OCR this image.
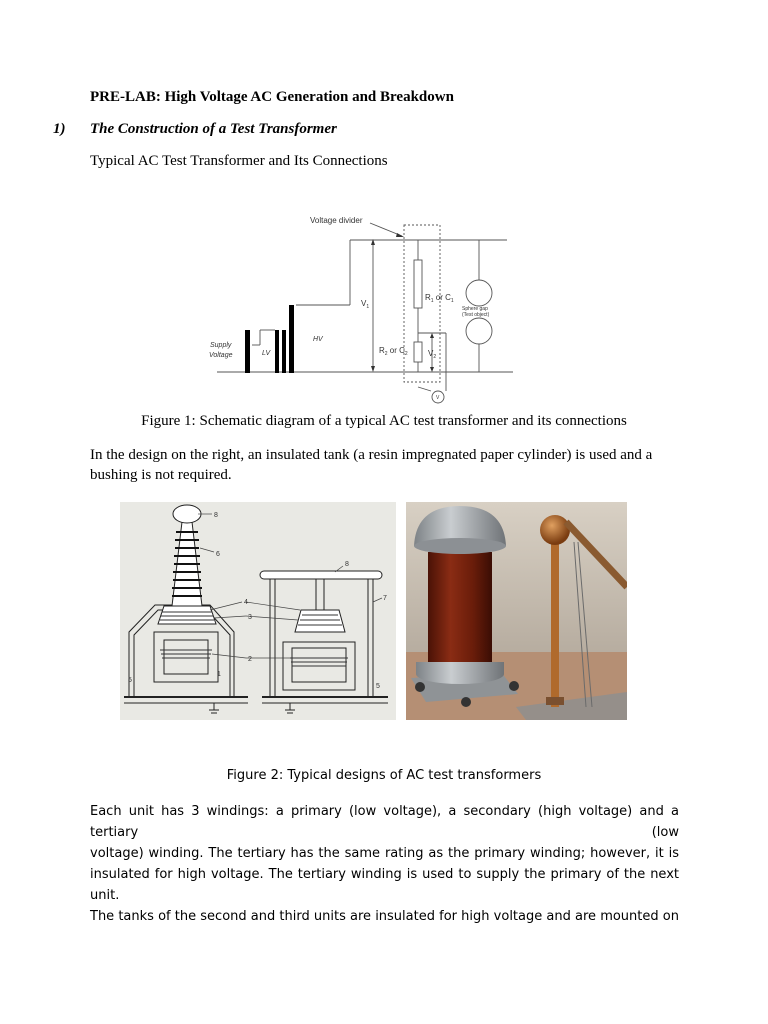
PRE-LAB: High Voltage AC Generation and Breakdown
1) The Construction of a Test Transformer
Typical AC Test Transformer and Its Connections
Voltage divider
Supply
Voltage	LV
HV
$V_1$
$R_1$ or $C_1$
$R_2$ or $C_2$	$V_2$
Sphere gap
(Test object)
V
Figure 1: Schematic diagram of a typical AC test transformer and its connections
In the design on the right, an insulated tank (a resin impregnated paper cylinder) is used and a bushing is not required.
8
6
4
3
2
1
5
8
7
5
Figure 2: Typical designs of AC test transformers
Each unit has 3 windings: a primary (low voltage), a secondary (high voltage) and a tertiary (low
voltage) winding. The tertiary has the same rating as the primary winding; however, it is
insulated for high voltage. The tertiary winding is used to supply the primary of the next unit.
The tanks of the second and third units are insulated for high voltage and are mounted on
